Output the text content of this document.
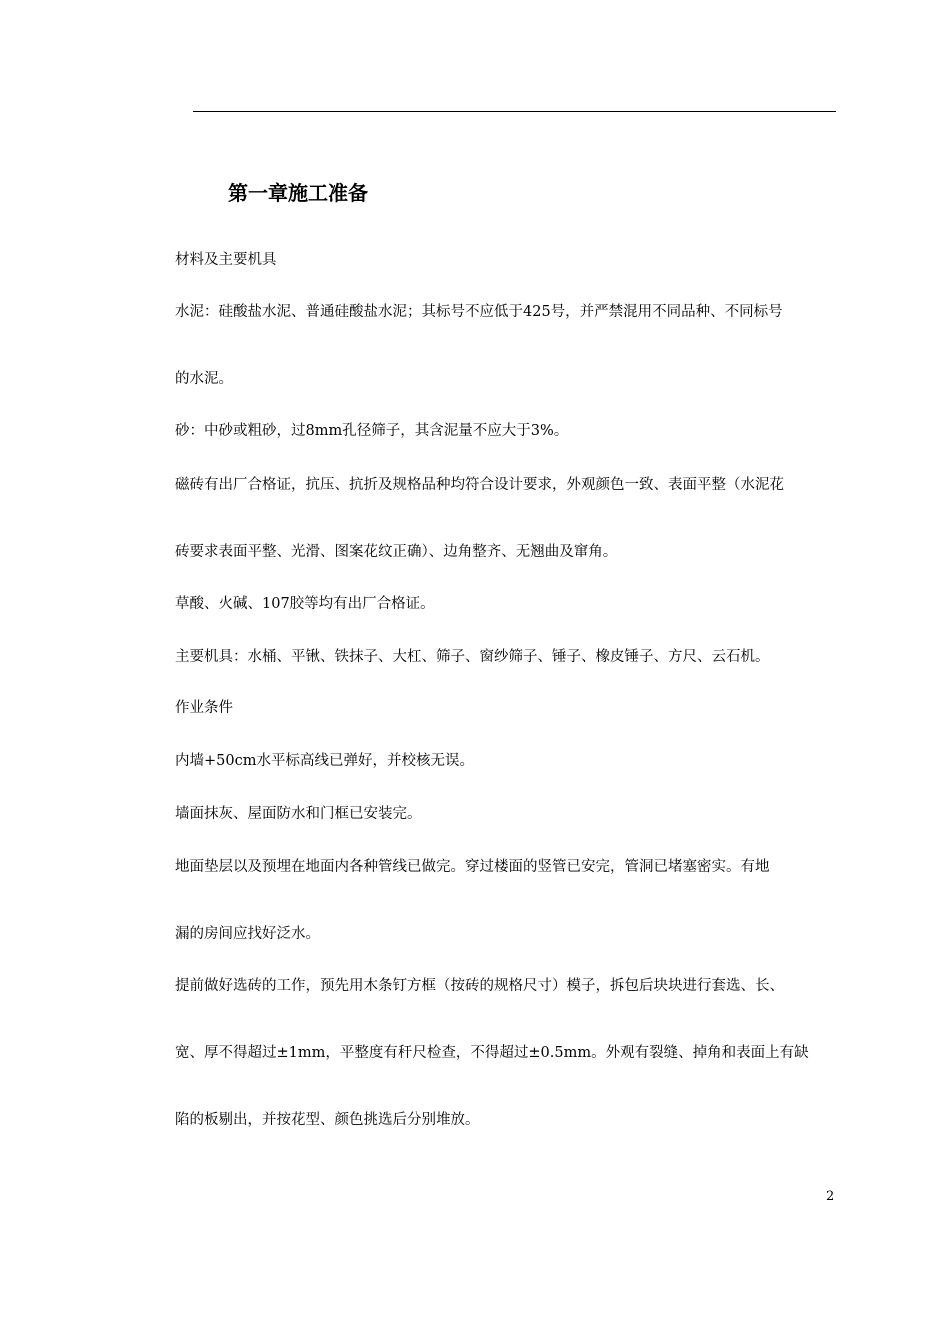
第一章施工准备
材料及主要机具
水泥：硅酸盐水泥、普通硅酸盐水泥；其标号不应低于425号，并严禁混用不同品种、不同标号
的水泥。
砂：中砂或粗砂，过8mm孔径筛子，其含泥量不应大于3%。
磁砖有出厂合格证，抗压、抗折及规格品种均符合设计要求，外观颜色一致、表面平整（水泥花
砖要求表面平整、光滑、图案花纹正确）、边角整齐、无翘曲及窜角。
草酸、火碱、107胶等均有出厂合格证。
主要机具：水桶、平锹、铁抹子、大杠、筛子、窗纱筛子、锤子、橡皮锤子、方尺、云石机。
作业条件
内墙+50cm水平标高线已弹好，并校核无误。
墙面抹灰、屋面防水和门框已安装完。
地面垫层以及预埋在地面内各种管线已做完。穿过楼面的竖管已安完，管洞已堵塞密实。有地
漏的房间应找好泛水。
提前做好选砖的工作，预先用木条钉方框（按砖的规格尺寸）模子，拆包后块块进行套选、长、
宽、厚不得超过±1mm，平整度有秆尺检查，不得超过±0.5mm。外观有裂缝、掉角和表面上有缺
陷的板剔出，并按花型、颜色挑选后分别堆放。
2
